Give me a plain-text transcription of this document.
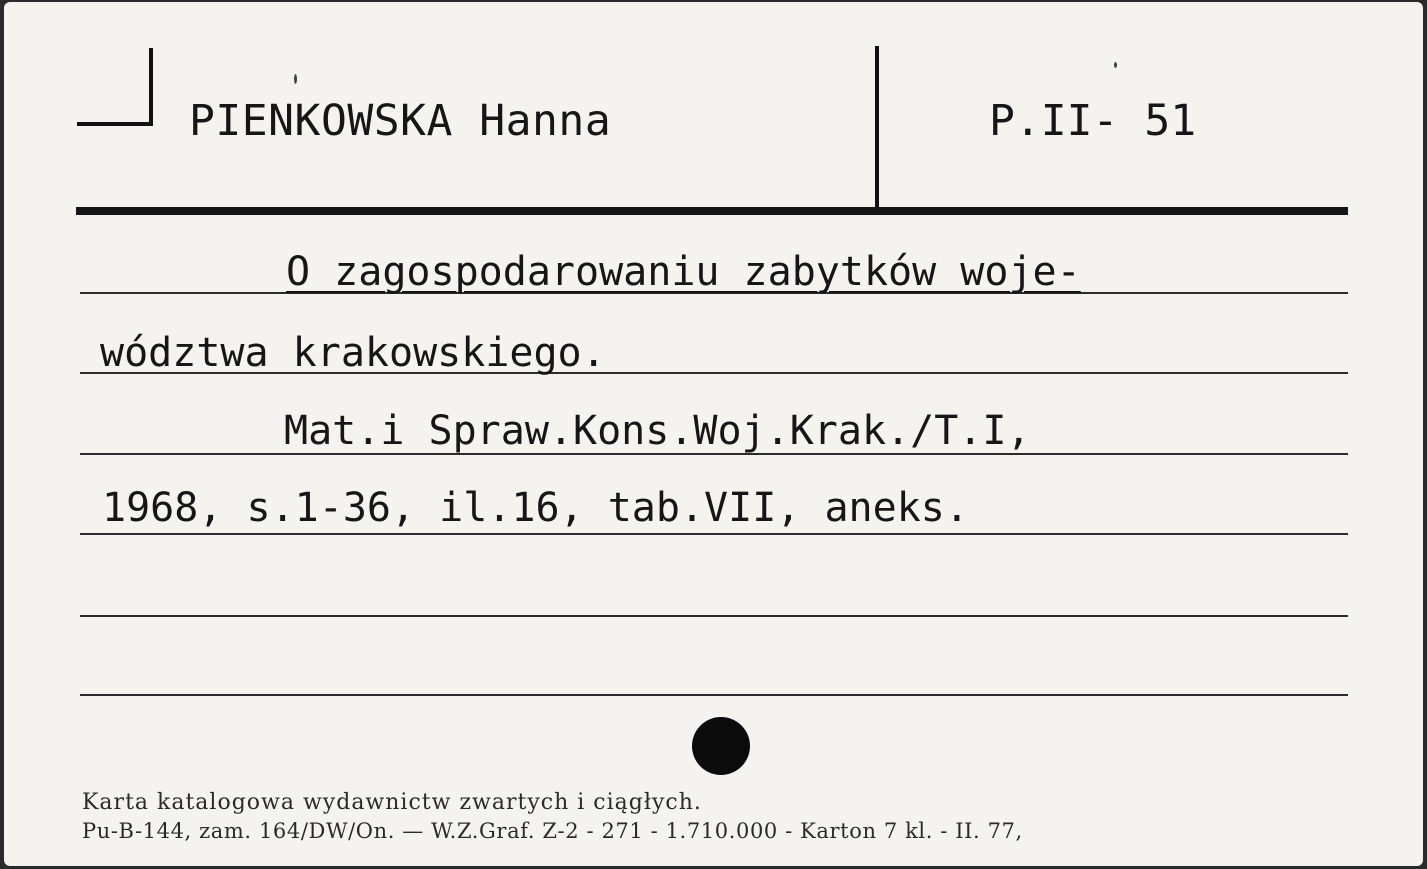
PIENKOWSKA Hanna	P.II- 51
O zagospodarowaniu zabytków woje-
wództwa krakowskiego.
Mat.i Spraw.Kons.Woj.Krak./T.I,
1968, s.1-36, il.16, tab.VII, aneks.
Karta katalogowa wydawnictw zwartych i ciągłych.
Pu-B-144, zam. 164/DW/On. — W.Z.Graf. Z-2 - 271 - 1.710.000 - Karton 7 kl. - II. 77,
